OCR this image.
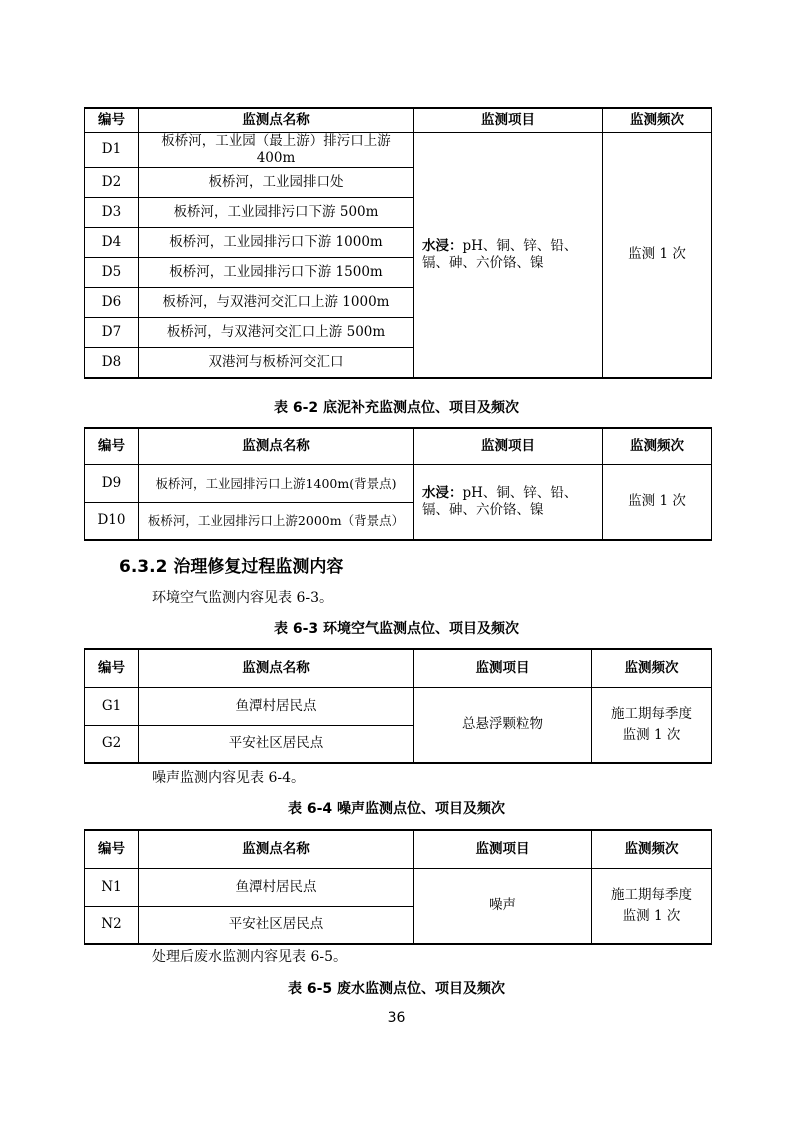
编号	监测点名称	监测项目	监测频次
D1	板桥河，工业园（最上游）排污口上游400m	水浸：pH、铜、锌、铅、镉、砷、六价铬、镍	监测 1 次
D2	板桥河，工业园排口处		
D3	板桥河，工业园排污口下游 500m		
D4	板桥河，工业园排污口下游 1000m		
D5	板桥河，工业园排污口下游 1500m		
D6	板桥河，与双港河交汇口上游 1000m		
D7	板桥河，与双港河交汇口上游 500m		
D8	双港河与板桥河交汇口		
表 6-2 底泥补充监测点位、项目及频次
编号	监测点名称	监测项目	监测频次
D9	板桥河，工业园排污口上游1400m(背景点)	水浸：pH、铜、锌、铅、镉、砷、六价铬、镍	监测 1 次
D10	板桥河，工业园排污口上游2000m（背景点）		
6.3.2 治理修复过程监测内容
环境空气监测内容见表 6-3。
表 6-3 环境空气监测点位、项目及频次
编号	监测点名称	监测项目	监测频次
G1	鱼潭村居民点	总悬浮颗粒物	施工期每季度
监测 1 次

G2	平安社区居民点		
噪声监测内容见表 6-4。
表 6-4 噪声监测点位、项目及频次
编号	监测点名称	监测项目	监测频次
N1	鱼潭村居民点	噪声	施工期每季度
监测 1 次

N2	平安社区居民点		
处理后废水监测内容见表 6-5。
表 6-5 废水监测点位、项目及频次
36
